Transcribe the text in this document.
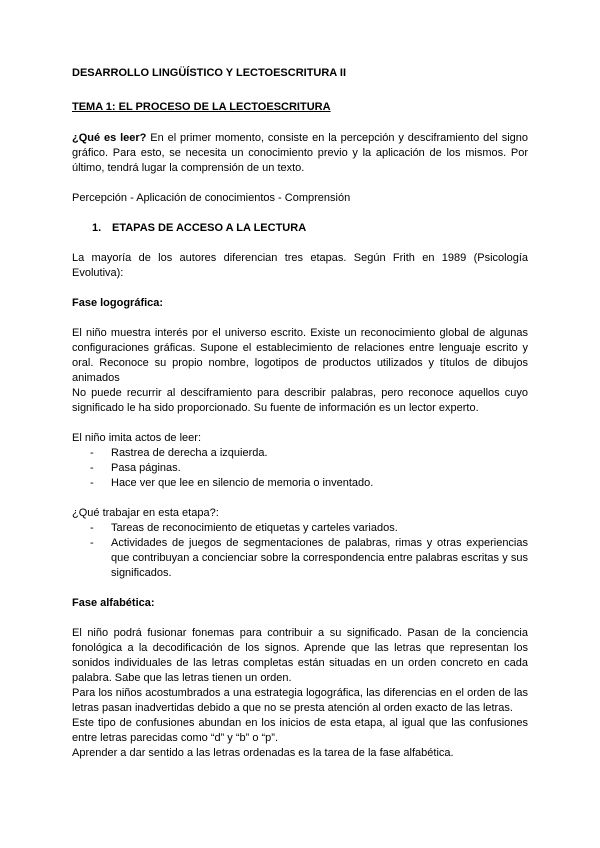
DESARROLLO LINGÜÍSTICO Y LECTOESCRITURA II

TEMA 1: EL PROCESO DE LA LECTOESCRITURA

¿Qué es leer? En el primer momento, consiste en la percepción y desciframiento del signo gráfico. Para esto, se necesita un conocimiento previo y la aplicación de los mismos. Por último, tendrá lugar la comprensión de un texto.

Percepción - Aplicación de conocimientos - Comprensión

1. ETAPAS DE ACCESO A LA LECTURA

La mayoría de los autores diferencian tres etapas. Según Frith en 1989 (Psicología Evolutiva):

Fase logográfica:

El niño muestra interés por el universo escrito. Existe un reconocimiento global de algunas configuraciones gráficas. Supone el establecimiento de relaciones entre lenguaje escrito y oral. Reconoce su propio nombre, logotipos de productos utilizados y títulos de dibujos animados

No puede recurrir al desciframiento para describir palabras, pero reconoce aquellos cuyo significado le ha sido proporcionado. Su fuente de información es un lector experto.

El niño imita actos de leer:

-	Rastrea de derecha a izquierda.
-	Pasa páginas.
-	Hace ver que lee en silencio de memoria o inventado.

¿Qué trabajar en esta etapa?:

-	Tareas de reconocimiento de etiquetas y carteles variados.
-	Actividades de juegos de segmentaciones de palabras, rimas y otras experiencias que contribuyan a concienciar sobre la correspondencia entre palabras escritas y sus significados.

Fase alfabética:

El niño podrá fusionar fonemas para contribuir a su significado. Pasan de la conciencia fonológica a la decodificación de los signos. Aprende que las letras que representan los sonidos individuales de las letras completas están situadas en un orden concreto en cada palabra. Sabe que las letras tienen un orden.

Para los niños acostumbrados a una estrategia logográfica, las diferencias en el orden de las letras pasan inadvertidas debido a que no se presta atención al orden exacto de las letras.

Este tipo de confusiones abundan en los inicios de esta etapa, al igual que las confusiones entre letras parecidas como “d” y “b” o “p”.

Aprender a dar sentido a las letras ordenadas es la tarea de la fase alfabética.
